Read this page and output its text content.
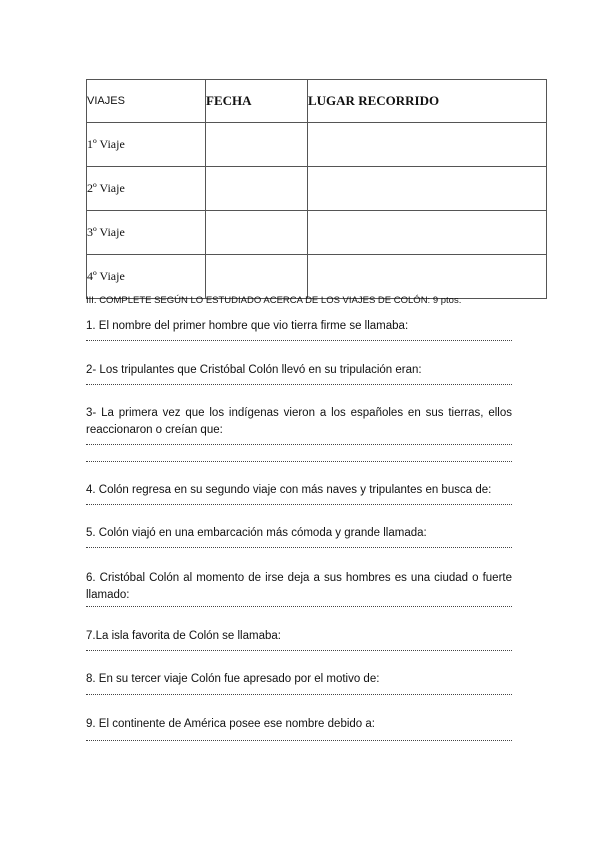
VIAJES	FECHA	LUGAR RECORRIDO
1º Viaje		
2º Viaje		
3º Viaje		
4º Viaje		
III. COMPLETE SEGÚN LO ESTUDIADO ACERCA DE LOS VIAJES DE COLÓN: 9 ptos.
1. El nombre del primer hombre que vio tierra firme se llamaba:
2- Los tripulantes que Cristóbal Colón llevó en su tripulación eran:
3- La primera vez que los indígenas vieron a los españoles en sus tierras, ellos reaccionaron o creían que:
4. Colón regresa en su segundo viaje con más naves y tripulantes en busca de:
5. Colón viajó en una embarcación más cómoda y grande llamada:
6. Cristóbal Colón al momento de irse deja a sus hombres es una ciudad o fuerte llamado:
7.La isla favorita de Colón se llamaba:
8. En su tercer viaje Colón fue apresado por el motivo de:
9. El continente de América posee ese nombre debido a:
